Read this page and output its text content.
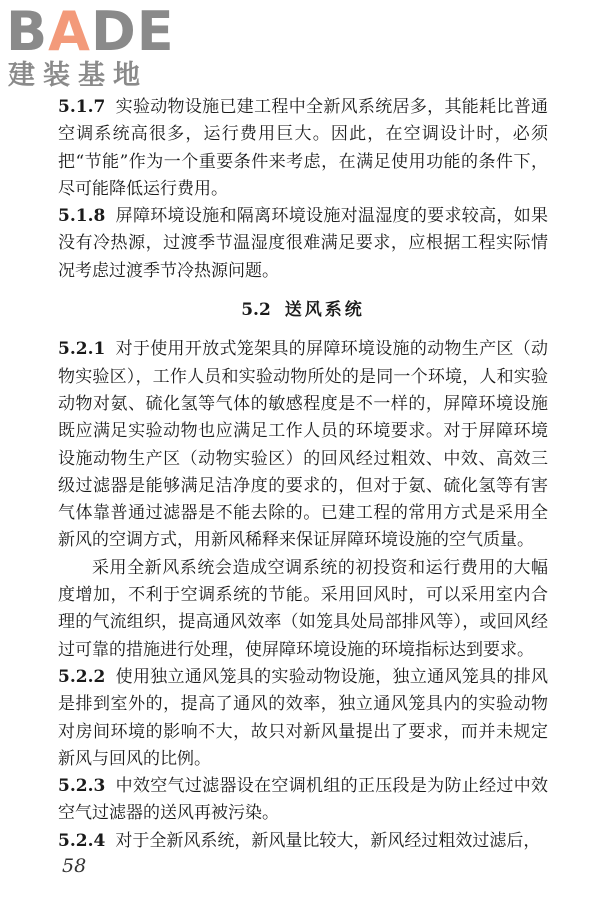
BADE
建装基地

5.1.7 实验动物设施已建工程中全新风系统居多，其能耗比普通空调系统高很多，运行费用巨大。因此，在空调设计时，必须把“节能”作为一个重要条件来考虑，在满足使用功能的条件下，尽可能降低运行费用。

5.1.8 屏障环境设施和隔离环境设施对温湿度的要求较高，如果没有冷热源，过渡季节温湿度很难满足要求，应根据工程实际情况考虑过渡季节冷热源问题。

5.2 送风系统

5.2.1 对于使用开放式笼架具的屏障环境设施的动物生产区（动物实验区），工作人员和实验动物所处的是同一个环境，人和实验动物对氨、硫化氢等气体的敏感程度是不一样的，屏障环境设施既应满足实验动物也应满足工作人员的环境要求。对于屏障环境设施动物生产区（动物实验区）的回风经过粗效、中效、高效三级过滤器是能够满足洁净度的要求的，但对于氨、硫化氢等有害气体靠普通过滤器是不能去除的。已建工程的常用方式是采用全新风的空调方式，用新风稀释来保证屏障环境设施的空气质量。

采用全新风系统会造成空调系统的初投资和运行费用的大幅度增加，不利于空调系统的节能。采用回风时，可以采用室内合理的气流组织，提高通风效率（如笼具处局部排风等），或回风经过可靠的措施进行处理，使屏障环境设施的环境指标达到要求。

5.2.2 使用独立通风笼具的实验动物设施，独立通风笼具的排风是排到室外的，提高了通风的效率，独立通风笼具内的实验动物对房间环境的影响不大，故只对新风量提出了要求，而并未规定新风与回风的比例。

5.2.3 中效空气过滤器设在空调机组的正压段是为防止经过中效空气过滤器的送风再被污染。

5.2.4 对于全新风系统，新风量比较大，新风经过粗效过滤后，

58
